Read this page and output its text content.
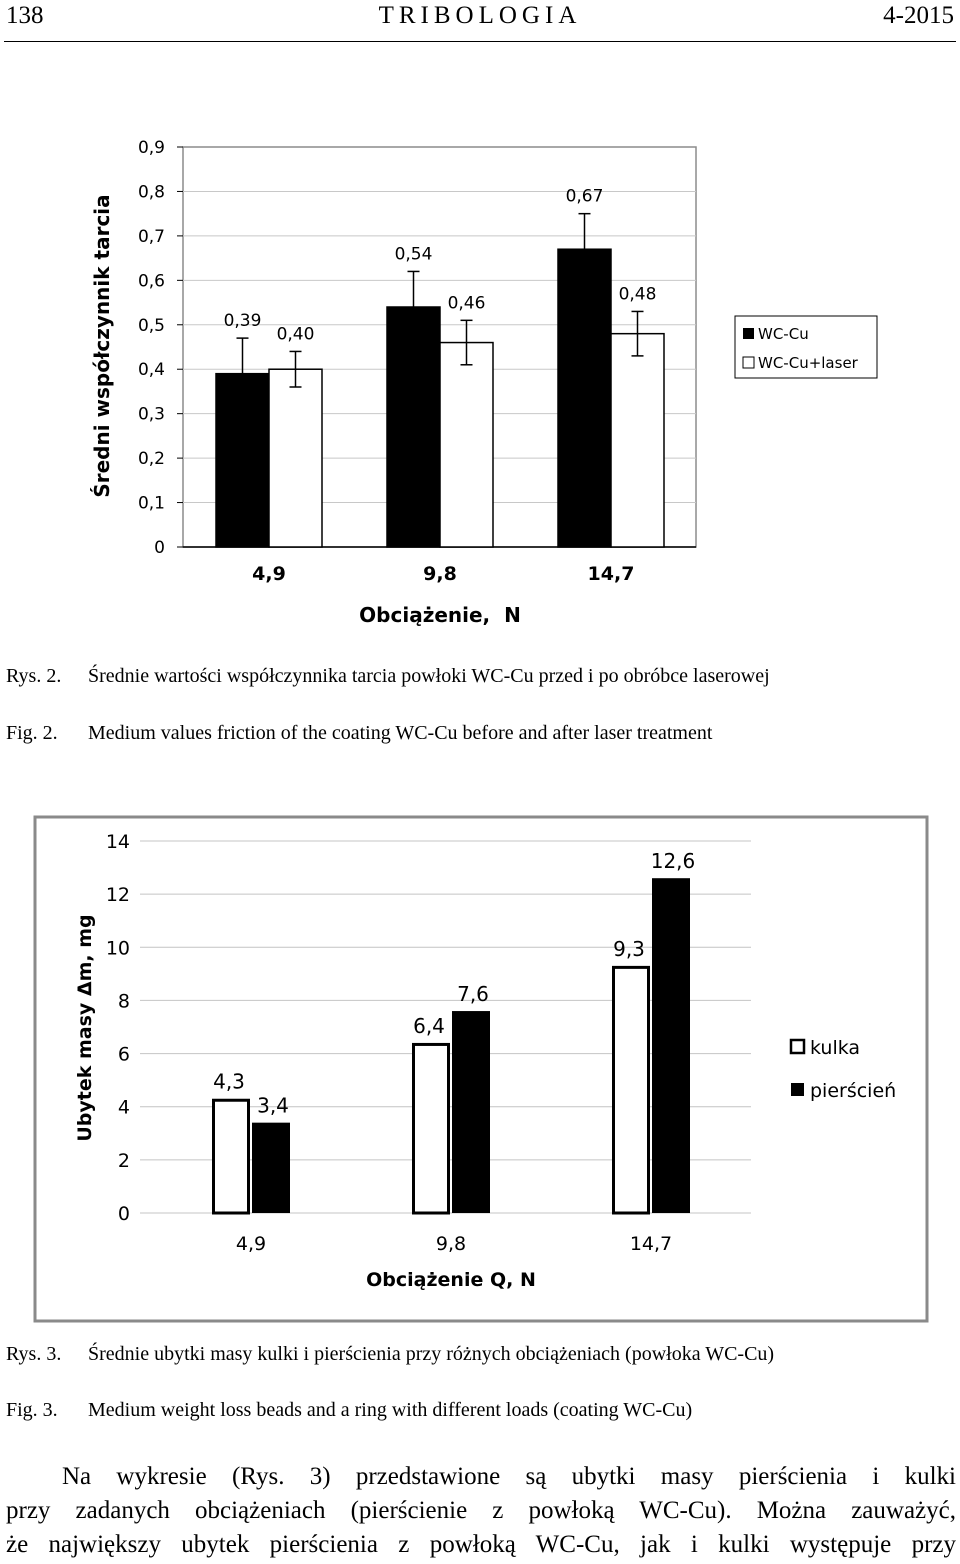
138	TRIBOLOGIA	4-2015
0,39
0,40
0,54
0,46
0,67
0,48
0
0,1
0,2
0,3
0,4
0,5
0,6
0,7
0,8
0,9
4,9	9,8	14,7
Średni współczynnik tarcia
Obciążenie,  N
WC-Cu
WC-Cu+laser
Rys. 2. Średnie wartości współczynnika tarcia powłoki WC-Cu przed i po obróbce laserowej
Fig. 2. Medium values friction of the coating WC-Cu before and after laser treatment
4,3
3,4
6,4
7,6
9,3
12,6
0
2
4
6
8
10
12
14
4,9	9,8	14,7
Ubytek masy Δm, mg
Obciążenie Q, N
kulka
pierścień
Rys. 3. Średnie ubytki masy kulki i pierścienia przy różnych obciążeniach (powłoka WC-Cu)
Fig. 3. Medium weight loss beads and a ring with different loads (coating WC-Cu)
Na wykresie (Rys. 3) przedstawione są ubytki masy pierścienia i kulki
przy zadanych obciążeniach (pierścienie z powłoką WC-Cu). Można zauważyć,
że największy ubytek pierścienia z powłoką WC-Cu, jak i kulki występuje przy
